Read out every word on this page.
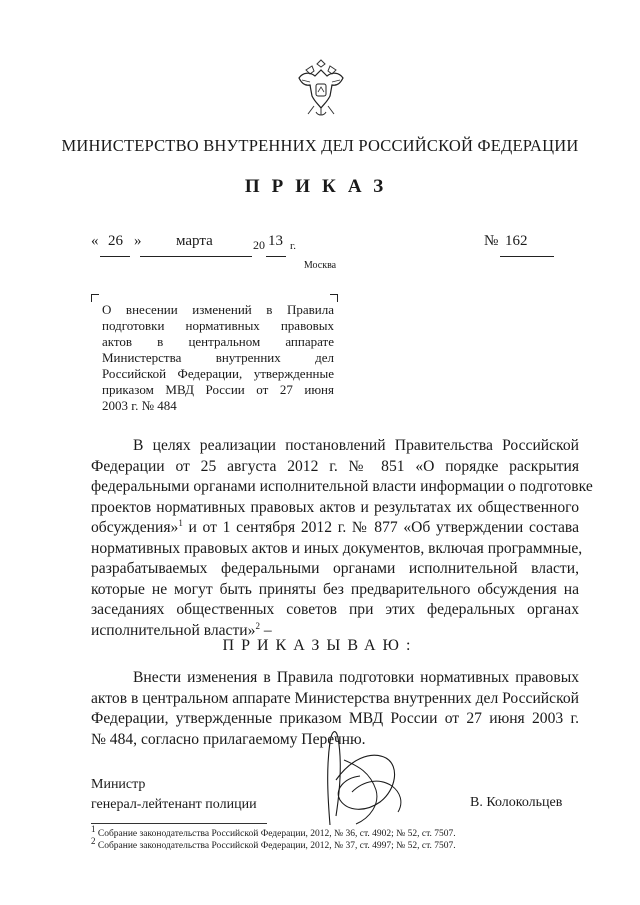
МИНИСТЕРСТВО ВНУТРЕННИХ ДЕЛ РОССИЙСКОЙ ФЕДЕРАЦИИ
ПРИКАЗ
« 26 » марта	20 13 г.	№ 162
Москва
О внесении изменений в Правила
подготовки нормативных правовых
актов в центральном аппарате
Министерства внутренних дел
Российской Федерации, утвержденные
приказом МВД России от 27 июня
2003 г. № 484
В целях реализации постановлений Правительства Российской
Федерации от 25 августа 2012 г. № 851 «О порядке раскрытия
федеральными органами исполнительной власти информации о подготовке
проектов нормативных правовых актов и результатах их общественного
обсуждения»$^1$ и от 1 сентября 2012 г. № 877 «Об утверждении состава
нормативных правовых актов и иных документов, включая программные,
разрабатываемых федеральными органами исполнительной власти,
которые не могут быть приняты без предварительного обсуждения на
заседаниях общественных советов при этих федеральных органах
исполнительной власти»$^2$ –
ПРИКАЗЫВАЮ:
Внести изменения в Правила подготовки нормативных правовых
актов в центральном аппарате Министерства внутренних дел Российской
Федерации, утвержденные приказом МВД России от 27 июня 2003 г.
№ 484, согласно прилагаемому Перечню.
Министр
генерал-лейтенант полиции	В. Колокольцев
$^1$ Собрание законодательства Российской Федерации, 2012, № 36, ст. 4902; № 52, ст. 7507.
$^2$ Собрание законодательства Российской Федерации, 2012, № 37, ст. 4997; № 52, ст. 7507.
